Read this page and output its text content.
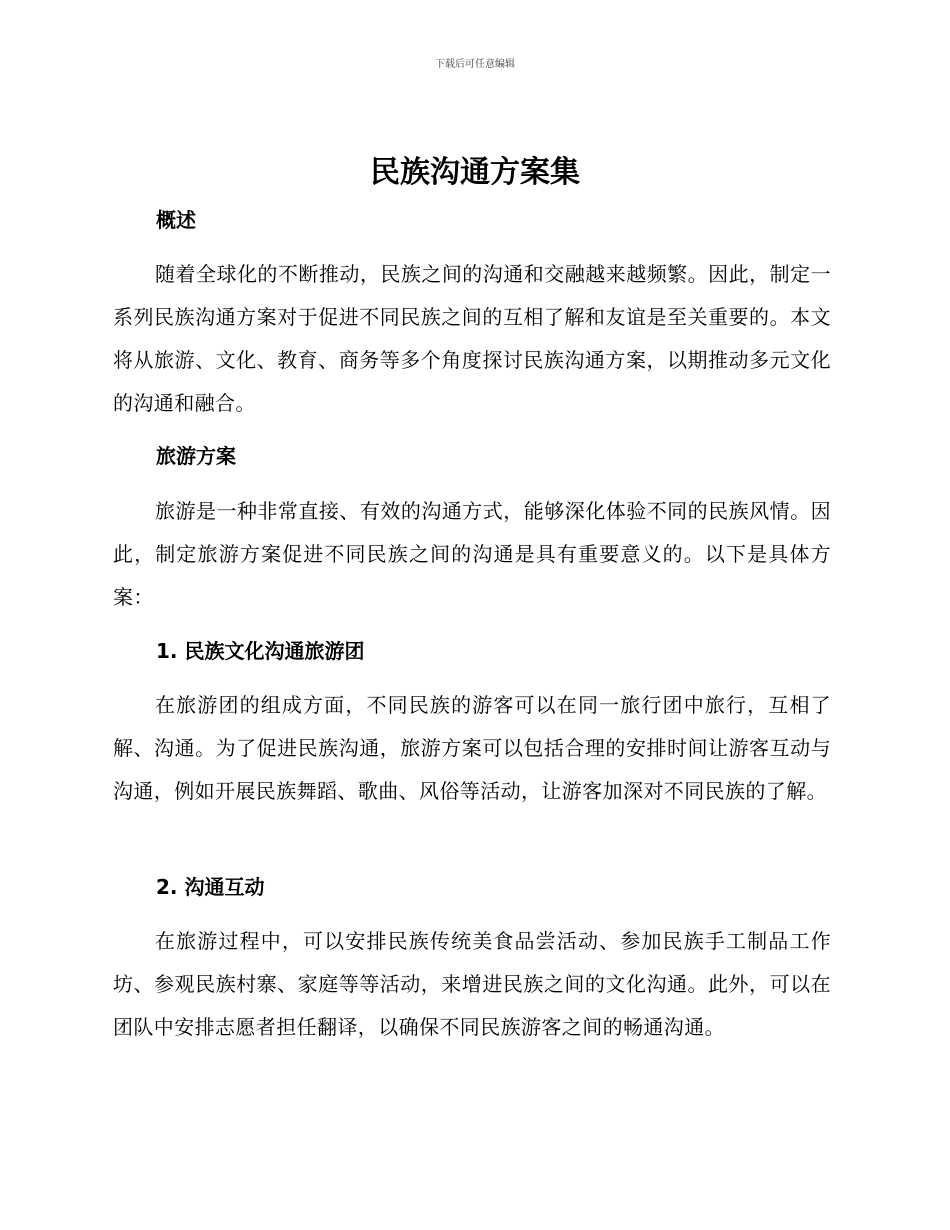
下载后可任意编辑
民族沟通方案集
概述
随着全球化的不断推动，民族之间的沟通和交融越来越频繁。因此，制定一系列民族沟通方案对于促进不同民族之间的互相了解和友谊是至关重要的。本文将从旅游、文化、教育、商务等多个角度探讨民族沟通方案，以期推动多元文化的沟通和融合。
旅游方案
旅游是一种非常直接、有效的沟通方式，能够深化体验不同的民族风情。因此，制定旅游方案促进不同民族之间的沟通是具有重要意义的。以下是具体方案：
1. 民族文化沟通旅游团
在旅游团的组成方面，不同民族的游客可以在同一旅行团中旅行，互相了解、沟通。为了促进民族沟通，旅游方案可以包括合理的安排时间让游客互动与沟通，例如开展民族舞蹈、歌曲、风俗等活动，让游客加深对不同民族的了解。
2. 沟通互动
在旅游过程中，可以安排民族传统美食品尝活动、参加民族手工制品工作坊、参观民族村寨、家庭等等活动，来增进民族之间的文化沟通。此外，可以在团队中安排志愿者担任翻译，以确保不同民族游客之间的畅通沟通。
